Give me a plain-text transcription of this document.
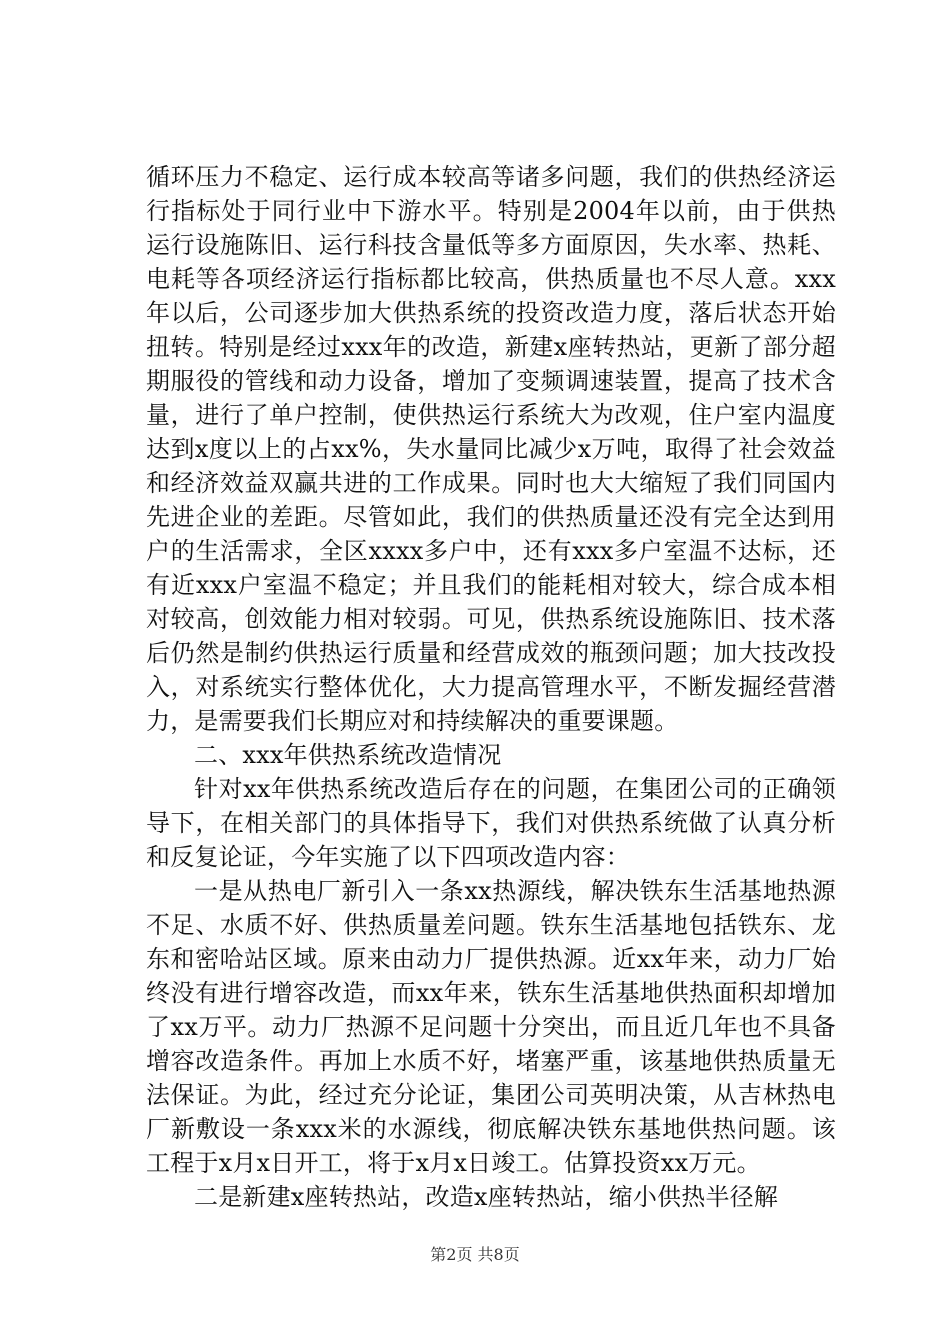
循环压力不稳定、运行成本较高等诸多问题，我们的供热经济运行指标处于同行业中下游水平。特别是2004年以前，由于供热运行设施陈旧、运行科技含量低等多方面原因，失水率、热耗、电耗等各项经济运行指标都比较高，供热质量也不尽人意。xxx年以后，公司逐步加大供热系统的投资改造力度，落后状态开始扭转。特别是经过xxx年的改造，新建x座转热站，更新了部分超期服役的管线和动力设备，增加了变频调速装置，提高了技术含量，进行了单户控制，使供热运行系统大为改观，住户室内温度达到x度以上的占xx%，失水量同比减少x万吨，取得了社会效益和经济效益双赢共进的工作成果。同时也大大缩短了我们同国内先进企业的差距。尽管如此，我们的供热质量还没有完全达到用户的生活需求，全区xxxx多户中，还有xxx多户室温不达标，还有近xxx户室温不稳定；并且我们的能耗相对较大，综合成本相对较高，创效能力相对较弱。可见，供热系统设施陈旧、技术落后仍然是制约供热运行质量和经营成效的瓶颈问题；加大技改投入，对系统实行整体优化，大力提高管理水平，不断发掘经营潜力，是需要我们长期应对和持续解决的重要课题。

二、xxx年供热系统改造情况

针对xx年供热系统改造后存在的问题，在集团公司的正确领导下，在相关部门的具体指导下，我们对供热系统做了认真分析和反复论证，今年实施了以下四项改造内容：

一是从热电厂新引入一条xx热源线，解决铁东生活基地热源不足、水质不好、供热质量差问题。铁东生活基地包括铁东、龙东和密哈站区域。原来由动力厂提供热源。近xx年来，动力厂始终没有进行增容改造，而xx年来，铁东生活基地供热面积却增加了xx万平。动力厂热源不足问题十分突出，而且近几年也不具备增容改造条件。再加上水质不好，堵塞严重，该基地供热质量无法保证。为此，经过充分论证，集团公司英明决策，从吉林热电厂新敷设一条xxx米的水源线，彻底解决铁东基地供热问题。该工程于x月x日开工，将于x月x日竣工。估算投资xx万元。

二是新建x座转热站，改造x座转热站，缩小供热半径解

第2页 共8页
